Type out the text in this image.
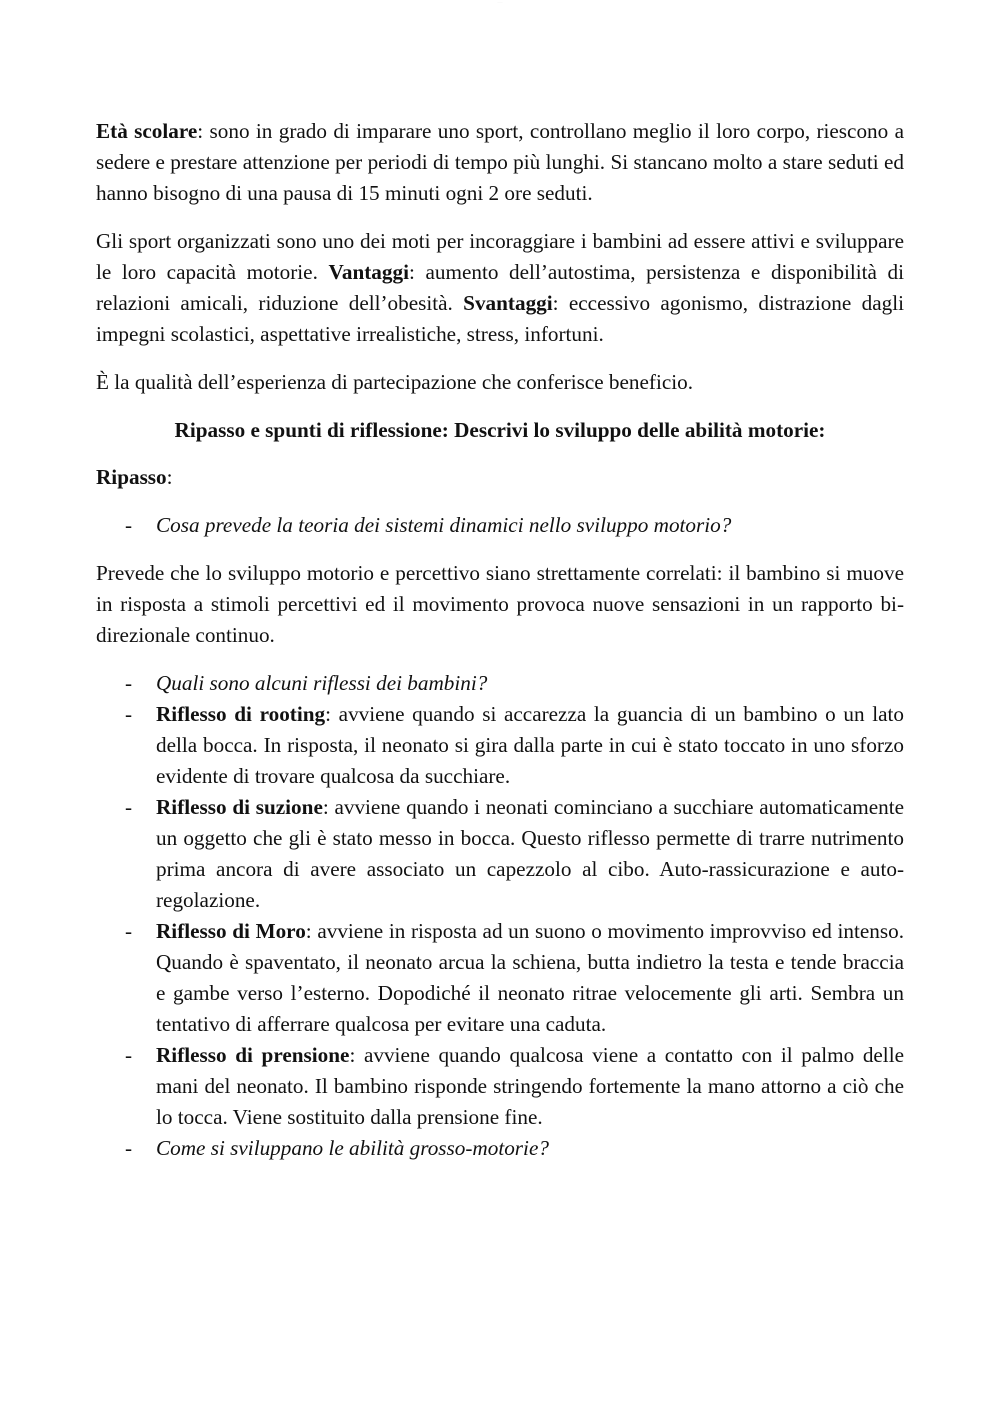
·····

Età scolare: sono in grado di imparare uno sport, controllano meglio il loro corpo, riescono a sedere e prestare attenzione per periodi di tempo più lunghi. Si stancano molto a stare seduti ed hanno bisogno di una pausa di 15 minuti ogni 2 ore seduti.

Gli sport organizzati sono uno dei moti per incoraggiare i bambini ad essere attivi e sviluppare le loro capacità motorie. Vantaggi: aumento dell’autostima, persistenza e disponibilità di relazioni amicali, riduzione dell’obesità. Svantaggi: eccessivo agonismo, distrazione dagli impegni scolastici, aspettative irrealistiche, stress, infortuni.

È la qualità dell’esperienza di partecipazione che conferisce beneficio.

Ripasso e spunti di riflessione: Descrivi lo sviluppo delle abilità motorie:

Ripasso:

- Cosa prevede la teoria dei sistemi dinamici nello sviluppo motorio?

Prevede che lo sviluppo motorio e percettivo siano strettamente correlati: il bambino si muove in risposta a stimoli percettivi ed il movimento provoca nuove sensazioni in un rapporto bi-direzionale continuo.

- Quali sono alcuni riflessi dei bambini?
- Riflesso di rooting: avviene quando si accarezza la guancia di un bambino o un lato della bocca. In risposta, il neonato si gira dalla parte in cui è stato toccato in uno sforzo evidente di trovare qualcosa da succhiare.
- Riflesso di suzione: avviene quando i neonati cominciano a succhiare automaticamente un oggetto che gli è stato messo in bocca. Questo riflesso permette di trarre nutrimento prima ancora di avere associato un capezzolo al cibo. Auto-rassicurazione e auto-regolazione.
- Riflesso di Moro: avviene in risposta ad un suono o movimento improvviso ed intenso. Quando è spaventato, il neonato arcua la schiena, butta indietro la testa e tende braccia e gambe verso l’esterno. Dopodiché il neonato ritrae velocemente gli arti. Sembra un tentativo di afferrare qualcosa per evitare una caduta.
- Riflesso di prensione: avviene quando qualcosa viene a contatto con il palmo delle mani del neonato. Il bambino risponde stringendo fortemente la mano attorno a ciò che lo tocca. Viene sostituito dalla prensione fine.
- Come si sviluppano le abilità grosso-motorie?
